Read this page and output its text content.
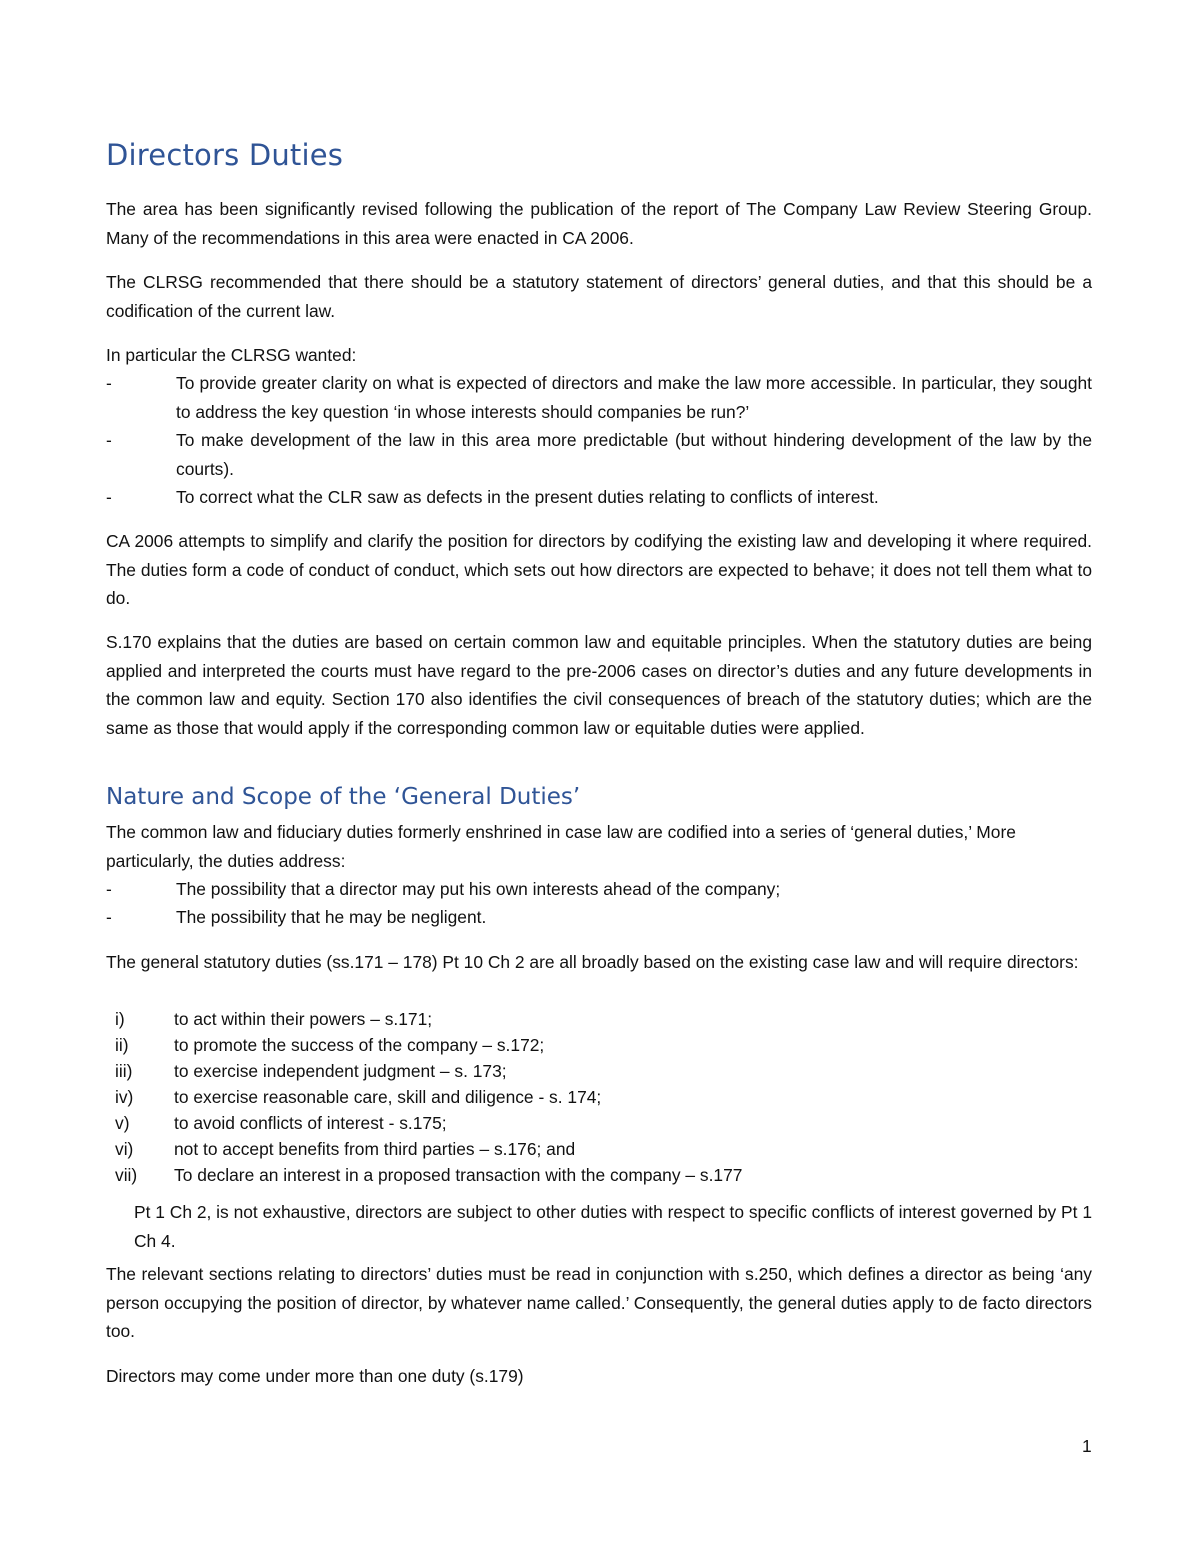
Directors Duties

The area has been significantly revised following the publication of the report of The Company Law Review Steering Group. Many of the recommendations in this area were enacted in CA 2006.

The CLRSG recommended that there should be a statutory statement of directors’ general duties, and that this should be a codification of the current law.

In particular the CLRSG wanted:

-	To provide greater clarity on what is expected of directors and make the law more accessible. In particular, they sought to address the key question ‘in whose interests should companies be run?’
-	To make development of the law in this area more predictable (but without hindering development of the law by the courts).
-	To correct what the CLR saw as defects in the present duties relating to conflicts of interest.

CA 2006 attempts to simplify and clarify the position for directors by codifying the existing law and developing it where required. The duties form a code of conduct of conduct, which sets out how directors are expected to behave; it does not tell them what to do.

S.170 explains that the duties are based on certain common law and equitable principles. When the statutory duties are being applied and interpreted the courts must have regard to the pre-2006 cases on director’s duties and any future developments in the common law and equity. Section 170 also identifies the civil consequences of breach of the statutory duties; which are the same as those that would apply if the corresponding common law or equitable duties were applied.

Nature and Scope of the ‘General Duties’

The common law and fiduciary duties formerly enshrined in case law are codified into a series of ‘general duties,’ More particularly, the duties address:

-	The possibility that a director may put his own interests ahead of the company;
-	The possibility that he may be negligent.

The general statutory duties (ss.171 – 178) Pt 10 Ch 2 are all broadly based on the existing case law and will require directors:

i)	to act within their powers – s.171;
ii)	to promote the success of the company – s.172;
iii)	to exercise independent judgment – s. 173;
iv)	to exercise reasonable care, skill and diligence - s. 174;
v)	to avoid conflicts of interest - s.175;
vi)	not to accept benefits from third parties – s.176; and
vii)	To declare an interest in a proposed transaction with the company – s.177

Pt 1 Ch 2, is not exhaustive, directors are subject to other duties with respect to specific conflicts of interest governed by Pt 1 Ch 4.

The relevant sections relating to directors’ duties must be read in conjunction with s.250, which defines a director as being ‘any person occupying the position of director, by whatever name called.’ Consequently, the general duties apply to de facto directors too.

Directors may come under more than one duty (s.179)

1
